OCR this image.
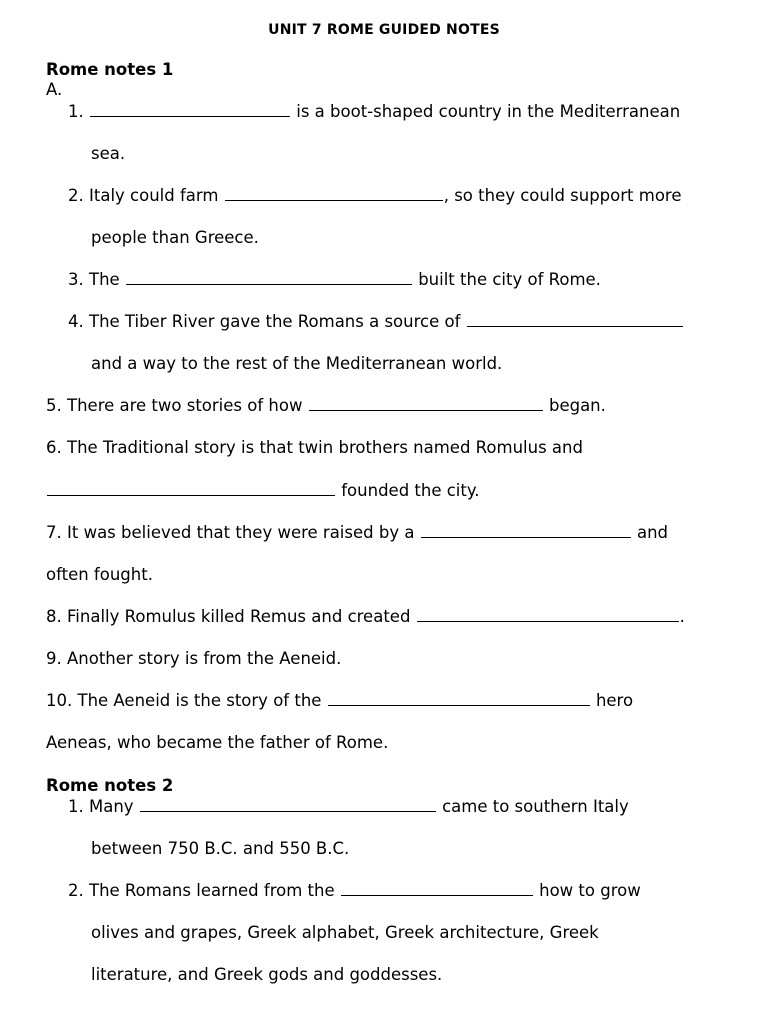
UNIT 7 ROME GUIDED NOTES
Rome notes 1
A.
1.	is a boot-shaped country in the Mediterranean
sea.
2. Italy could farm	, so they could support more
people than Greece.
3. The	built the city of Rome.
4. The Tiber River gave the Romans a source of
and a way to the rest of the Mediterranean world.
5. There are two stories of how	began.
6. The Traditional story is that twin brothers named Romulus and
founded the city.
7. It was believed that they were raised by a	and
often fought.
8. Finally Romulus killed Remus and created	.
9. Another story is from the Aeneid.
10. The Aeneid is the story of the	hero
Aeneas, who became the father of Rome.
Rome notes 2
1. Many	came to southern Italy
between 750 B.C. and 550 B.C.
2. The Romans learned from the	how to grow
olives and grapes, Greek alphabet, Greek architecture, Greek
literature, and Greek gods and goddesses.
